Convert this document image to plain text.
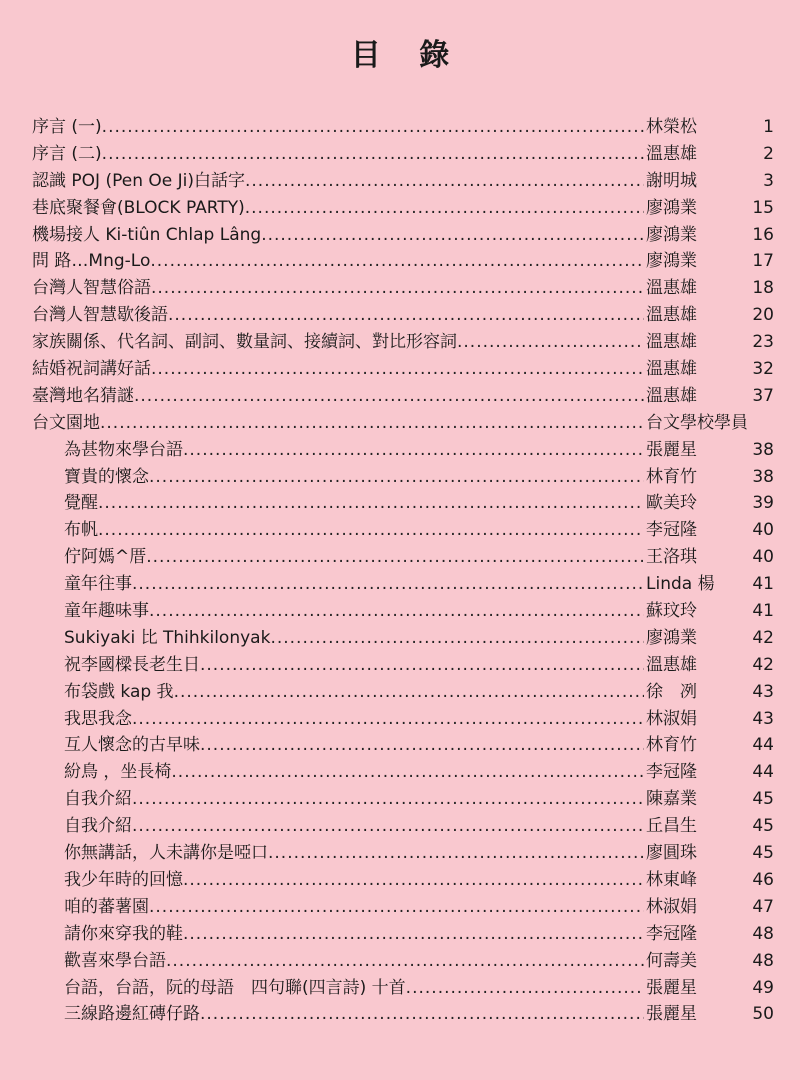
目 錄
序言 (一) .....	林榮松	1
序言 (二) .....	溫惠雄	2
認識 POJ (Pen Oe Ji)白話字 .....	謝明城	3
巷底聚餐會(BLOCK PARTY) .....	廖鴻業	15
機場接人 Ki-tiûn Chlap Lâng .....	廖鴻業	16
問 路…Mng-Lo .....	廖鴻業	17
台灣人智慧俗語 .....	溫惠雄	18
台灣人智慧歇後語 .....	溫惠雄	20
家族關係、代名詞、副詞、數量詞、接續詞、對比形容詞 .....	溫惠雄	23
結婚祝詞講好話 .....	溫惠雄	32
臺灣地名猜謎 .....	溫惠雄	37
台文園地 .....	台文學校學員
為甚物來學台語 .....	張麗星	38
寶貴的懷念 .....	林育竹	38
覺醒 .....	歐美玲	39
布帆 .....	李冠隆	40
佇阿媽^厝 .....	王洛琪	40
童年往事 .....	Linda 楊	41
童年趣味事 .....	蘇玟玲	41
Sukiyaki 比 Thihkilonyak .....	廖鴻業	42
祝李國樑長老生日 .....	溫惠雄	42
布袋戲 kap 我 .....	徐　冽	43
我思我念 .....	林淑娟	43
互人懷念的古早味 .....	林育竹	44
紛鳥 ，坐長椅 .....	李冠隆	44
自我介紹 .....	陳嘉業	45
自我介紹 .....	丘昌生	45
你無講話，人未講你是啞口 .....	廖圓珠	45
我少年時的回憶 .....	林東峰	46
咱的蕃薯園 .....	林淑娟	47
請你來穿我的鞋 .....	李冠隆	48
歡喜來學台語 .....	何壽美	48
台語，台語，阮的母語　四句聯(四言詩) 十首 .....	張麗星	49
三線路邊紅磚仔路 .....	張麗星	50
